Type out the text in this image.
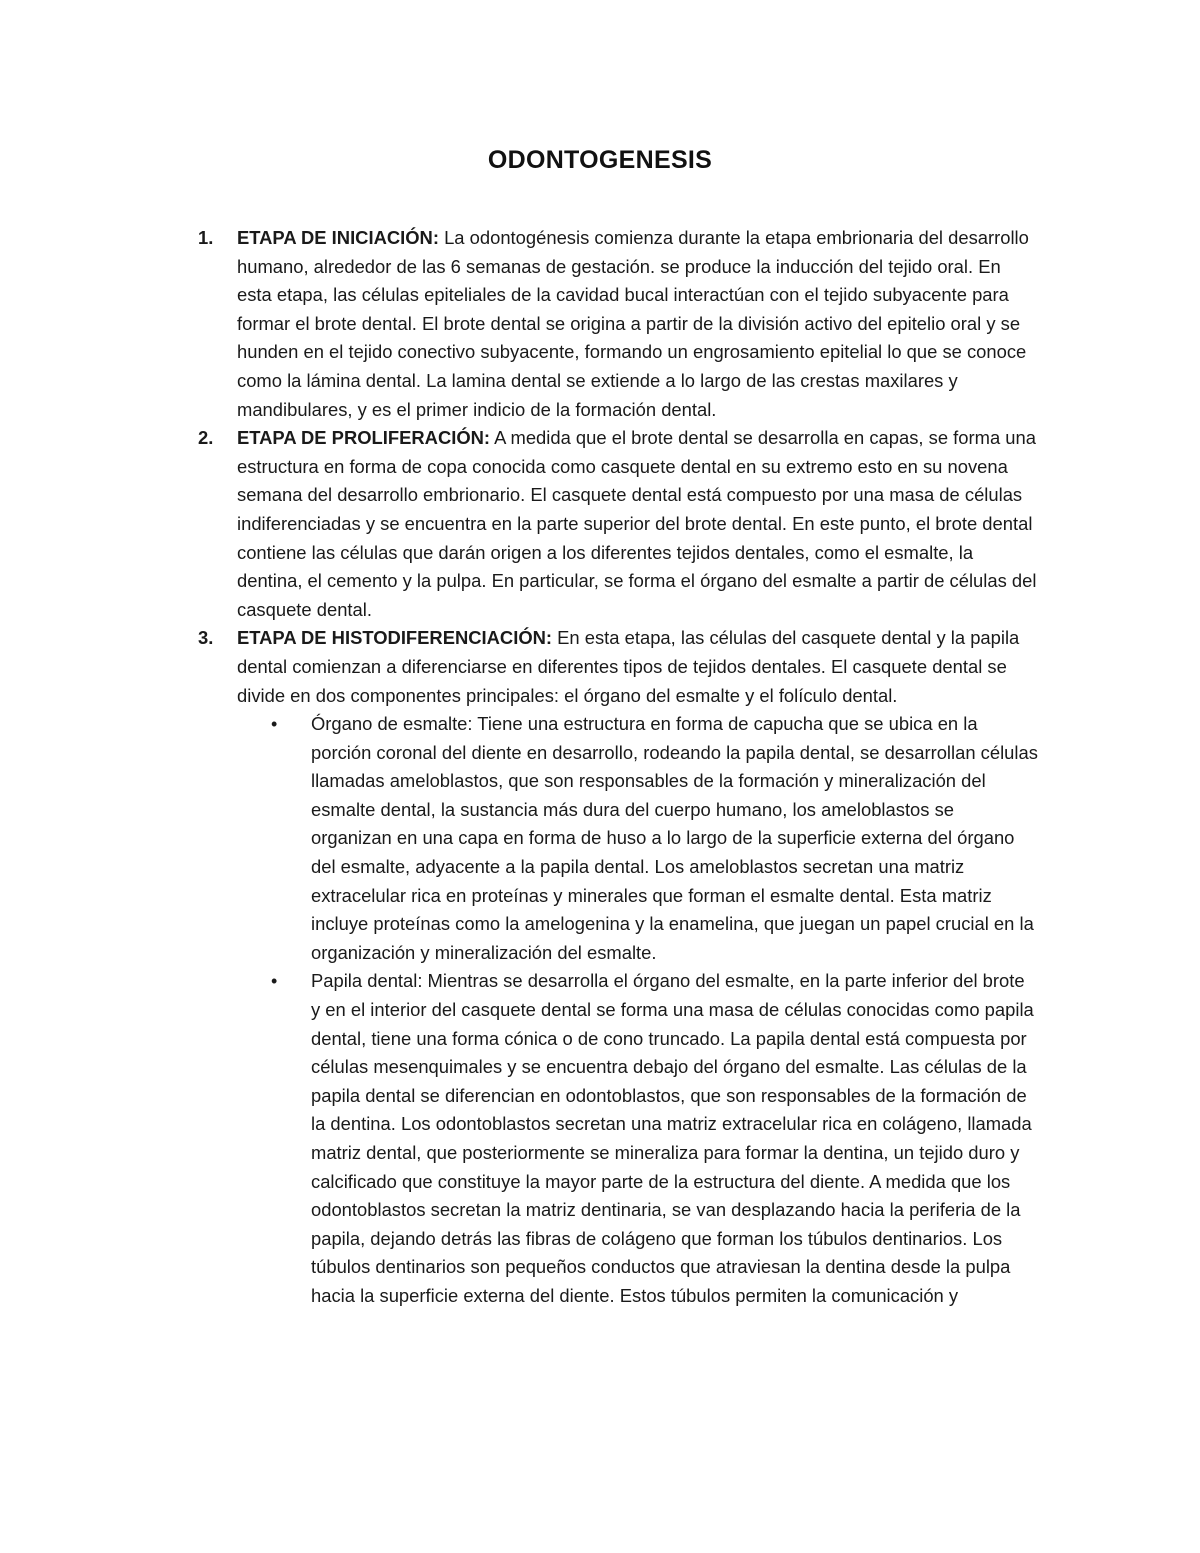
ODONTOGENESIS
1. ETAPA DE INICIACIÓN: La odontogénesis comienza durante la etapa embrionaria del desarrollo humano, alrededor de las 6 semanas de gestación. se produce la inducción del tejido oral. En esta etapa, las células epiteliales de la cavidad bucal interactúan con el tejido subyacente para formar el brote dental. El brote dental se origina a partir de la división activo del epitelio oral y se hunden en el tejido conectivo subyacente, formando un engrosamiento epitelial lo que se conoce como la lámina dental. La lamina dental se extiende a lo largo de las crestas maxilares y mandibulares, y es el primer indicio de la formación dental.
2. ETAPA DE PROLIFERACIÓN: A medida que el brote dental se desarrolla en capas, se forma una estructura en forma de copa conocida como casquete dental en su extremo esto en su novena semana del desarrollo embrionario. El casquete dental está compuesto por una masa de células indiferenciadas y se encuentra en la parte superior del brote dental. En este punto, el brote dental contiene las células que darán origen a los diferentes tejidos dentales, como el esmalte, la dentina, el cemento y la pulpa. En particular, se forma el órgano del esmalte a partir de células del casquete dental.
3. ETAPA DE HISTODIFERENCIACIÓN: En esta etapa, las células del casquete dental y la papila dental comienzan a diferenciarse en diferentes tipos de tejidos dentales. El casquete dental se divide en dos componentes principales: el órgano del esmalte y el folículo dental.
• Órgano de esmalte: Tiene una estructura en forma de capucha que se ubica en la porción coronal del diente en desarrollo, rodeando la papila dental, se desarrollan células llamadas ameloblastos, que son responsables de la formación y mineralización del esmalte dental, la sustancia más dura del cuerpo humano, los ameloblastos se organizan en una capa en forma de huso a lo largo de la superficie externa del órgano del esmalte, adyacente a la papila dental. Los ameloblastos secretan una matriz extracelular rica en proteínas y minerales que forman el esmalte dental. Esta matriz incluye proteínas como la amelogenina y la enamelina, que juegan un papel crucial en la organización y mineralización del esmalte.
• Papila dental: Mientras se desarrolla el órgano del esmalte, en la parte inferior del brote y en el interior del casquete dental se forma una masa de células conocidas como papila dental, tiene una forma cónica o de cono truncado. La papila dental está compuesta por células mesenquimales y se encuentra debajo del órgano del esmalte. Las células de la papila dental se diferencian en odontoblastos, que son responsables de la formación de la dentina. Los odontoblastos secretan una matriz extracelular rica en colágeno, llamada matriz dental, que posteriormente se mineraliza para formar la dentina, un tejido duro y calcificado que constituye la mayor parte de la estructura del diente. A medida que los odontoblastos secretan la matriz dentinaria, se van desplazando hacia la periferia de la papila, dejando detrás las fibras de colágeno que forman los túbulos dentinarios. Los túbulos dentinarios son pequeños conductos que atraviesan la dentina desde la pulpa hacia la superficie externa del diente. Estos túbulos permiten la comunicación y
